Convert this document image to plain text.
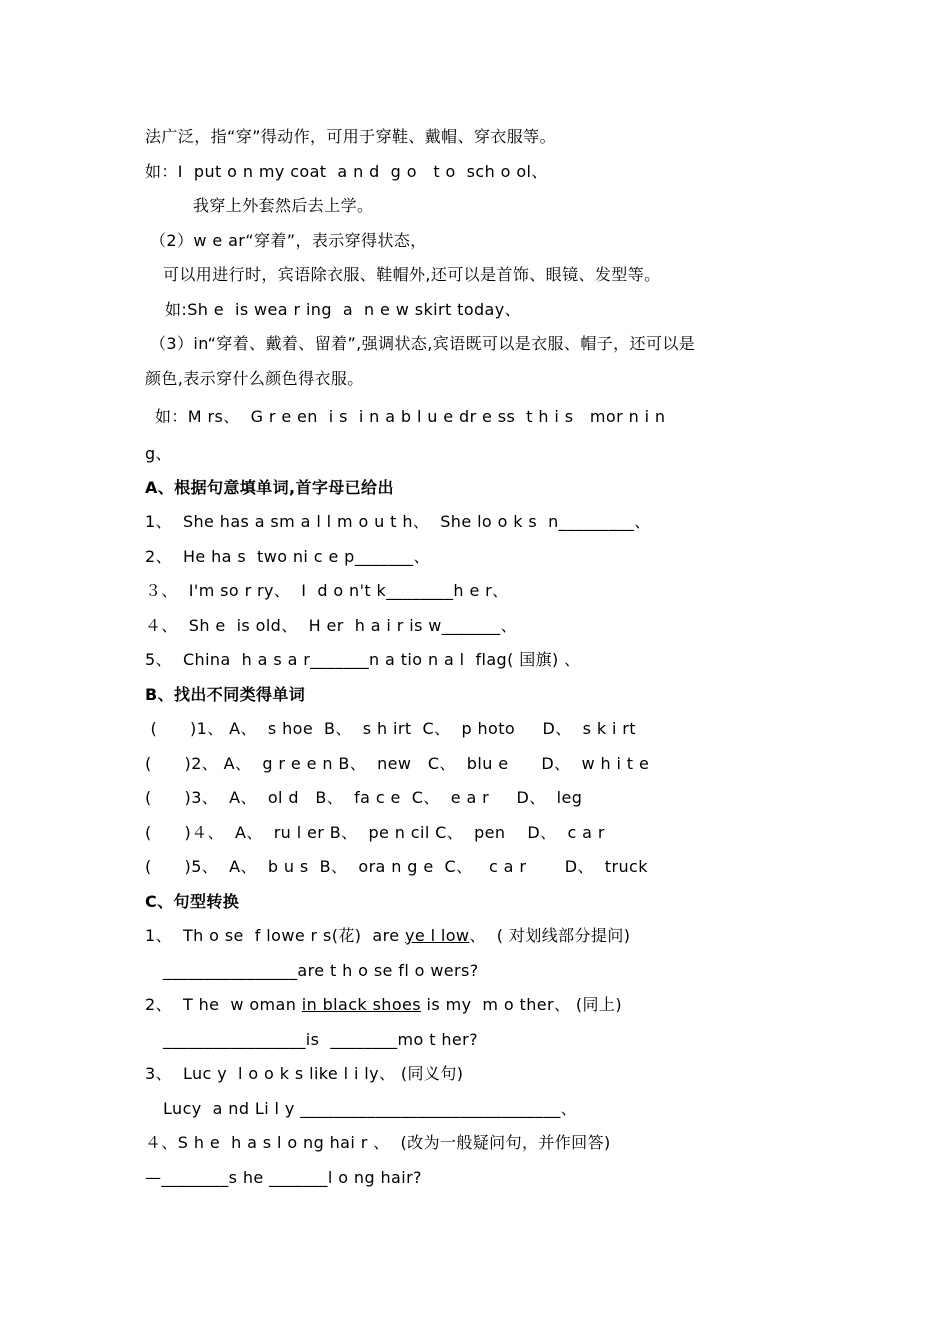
法广泛，指“穿”得动作，可用于穿鞋、戴帽、穿衣服等。
如：I  put o n my coat  a n d  g o   t o  sch o ol、
我穿上外套然后去上学。
（2）w e ar“穿着”，表示穿得状态，
可以用进行时，宾语除衣服、鞋帽外,还可以是首饰、眼镜、发型等。
如:Sh e  is wea r ing  a  n e w skirt today、
（3）in“穿着、戴着、留着”,强调状态,宾语既可以是衣服、帽子，还可以是
颜色,表示穿什么颜色得衣服。
如：M rs、  G r e en  i s  i n a b l u e dr e ss  t h i s   mor n i n
g、
A、根据句意填单词,首字母已给出
1、  She has a sm a l l m o u t h、  She lo o k s  n_________、
2、  He ha s  two ni c e p_______、
３、  I'm so r ry、  I  d o n't k________h e r、
４、  Sh e  is old、  H er  h a i r is w_______、
5、  China  h a s a r_______n a tio n a l  flag( 国旗) 、
B、找出不同类得单词
(      )1、 A、  s hoe  B、  s h irt  C、  p hoto     D、  s k i rt
(      )2、 A、  g r e e n B、  new   C、  blu e      D、  w h i t e
(      )3、  A、  ol d   B、  fa c e  C、  e a r     D、  leg
(      )４、  A、  ru l er B、  pe n cil C、  pen    D、  c a r
(      )5、  A、  b u s  B、  ora n g e  C、   c a r       D、  truck
C、句型转换
1、  Th o se  f lowe r s(花)  are ye l low、  ( 对划线部分提问)
________________are t h o se fl o wers?
2、  T he  w oman in black shoes is my  m o ther、 (同上)
_________________is  ________mo t her?
3、  Luc y  l o o k s like l i ly、 (同义句)
Lucy  a nd Li l y _______________________________、
４、S h e  h a s l o ng hai r 、  (改为一般疑问句，并作回答)
—________s he _______l o ng hair?
